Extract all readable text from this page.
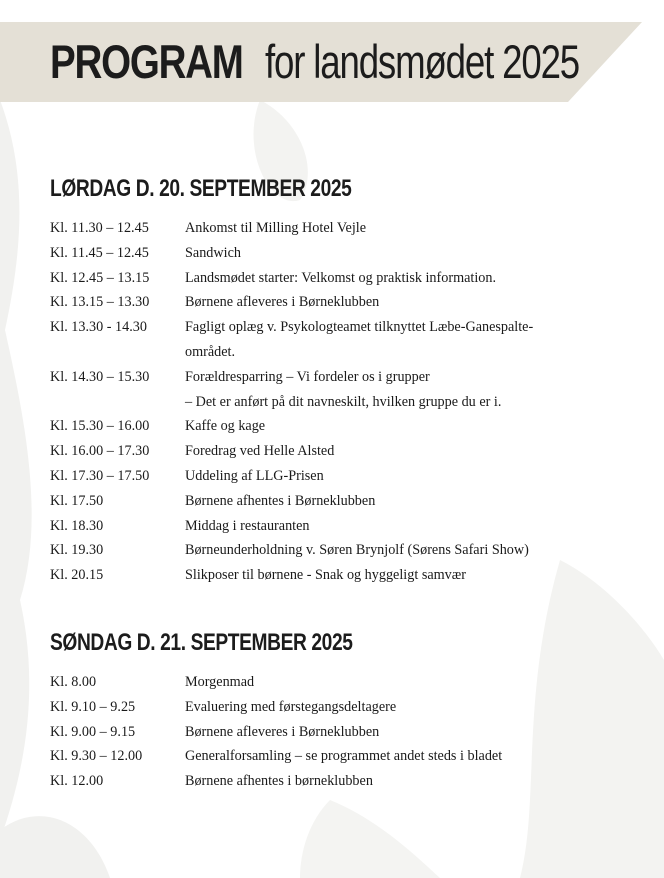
PROGRAM for landsmødet 2025
LØRDAG D. 20. SEPTEMBER 2025
Kl. 11.30 – 12.45	Ankomst til Milling Hotel Vejle
Kl. 11.45 – 12.45	Sandwich
Kl. 12.45 – 13.15	Landsmødet starter: Velkomst og praktisk information.
Kl. 13.15 – 13.30	Børnene afleveres i Børneklubben
Kl. 13.30 - 14.30	Fagligt oplæg v. Psykologteamet tilknyttet Læbe-Ganespalte-
området.
Kl. 14.30 – 15.30	Forældresparring – Vi fordeler os i grupper
– Det er anført på dit navneskilt, hvilken gruppe du er i.
Kl. 15.30 – 16.00	Kaffe og kage
Kl. 16.00 – 17.30	Foredrag ved Helle Alsted
Kl. 17.30 – 17.50	Uddeling af LLG-Prisen
Kl. 17.50	Børnene afhentes i Børneklubben
Kl. 18.30	Middag i restauranten
Kl. 19.30	Børneunderholdning v. Søren Brynjolf (Sørens Safari Show)
Kl. 20.15	Slikposer til børnene - Snak og hyggeligt samvær
SØNDAG D. 21. SEPTEMBER 2025
Kl. 8.00	Morgenmad
Kl. 9.10 – 9.25	Evaluering med førstegangsdeltagere
Kl. 9.00 – 9.15	Børnene afleveres i Børneklubben
Kl. 9.30 – 12.00	Generalforsamling – se programmet andet steds i bladet
Kl. 12.00	Børnene afhentes i børneklubben
